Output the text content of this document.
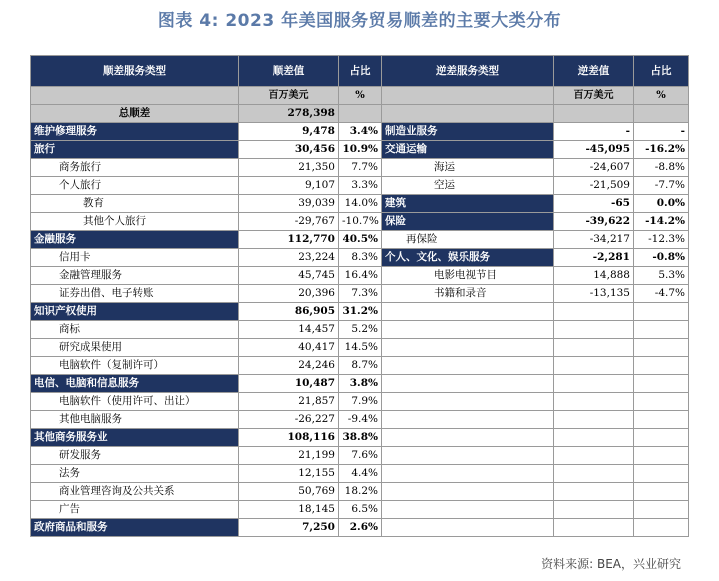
图表 4: 2023 年美国服务贸易顺差的主要大类分布
顺差服务类型	顺差值	占比	逆差服务类型	逆差值	占比
	百万美元	%		百万美元	%
总顺差	278,398				
维护修理服务	9,478	3.4%	制造业服务	-	-
旅行	30,456	10.9%	交通运输	-45,095	-16.2%
商务旅行	21,350	7.7%	海运	-24,607	-8.8%
个人旅行	9,107	3.3%	空运	-21,509	-7.7%
教育	39,039	14.0%	建筑	-65	0.0%
其他个人旅行	-29,767	-10.7%	保险	-39,622	-14.2%
金融服务	112,770	40.5%	再保险	-34,217	-12.3%
信用卡	23,224	8.3%	个人、文化、娱乐服务	-2,281	-0.8%
金融管理服务	45,745	16.4%	电影电视节目	14,888	5.3%
证券出借、电子转账	20,396	7.3%	书籍和录音	-13,135	-4.7%
知识产权使用	86,905	31.2%			
商标	14,457	5.2%			
研究成果使用	40,417	14.5%			
电脑软件（复制许可）	24,246	8.7%			
电信、电脑和信息服务	10,487	3.8%			
电脑软件（使用许可、出让）	21,857	7.9%			
其他电脑服务	-26,227	-9.4%			
其他商务服务业	108,116	38.8%			
研发服务	21,199	7.6%			
法务	12,155	4.4%			
商业管理咨询及公共关系	50,769	18.2%			
广告	18,145	6.5%			
政府商品和服务	7,250	2.6%			
资料来源: BEA，兴业研究
